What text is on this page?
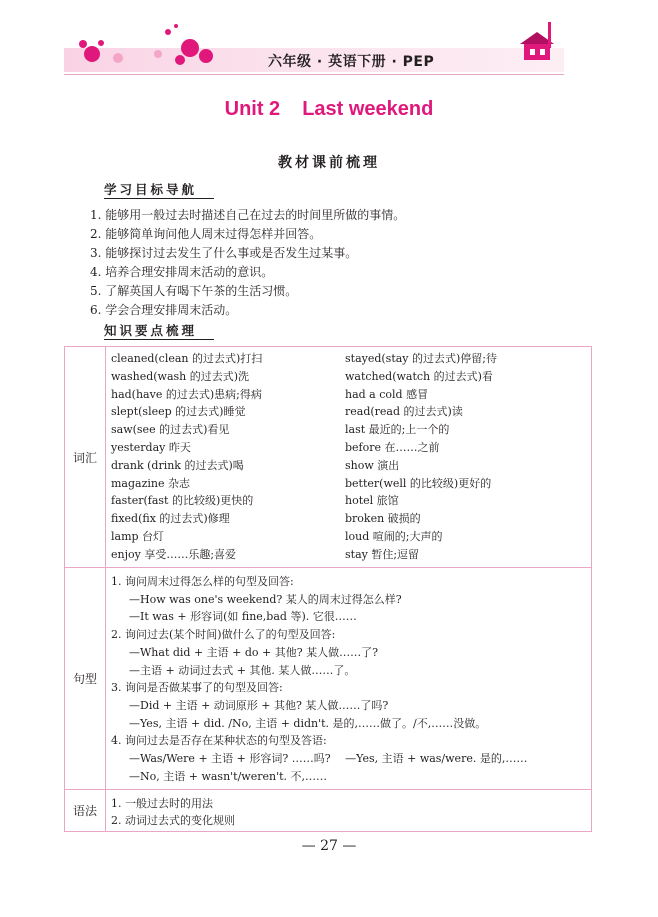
六年级 · 英语下册 · PEP
Unit 2 Last weekend
教材课前梳理
学习目标导航
1. 能够用一般过去时描述自己在过去的时间里所做的事情。
2. 能够简单询问他人周末过得怎样并回答。
3. 能够探讨过去发生了什么事或是否发生过某事。
4. 培养合理安排周末活动的意识。
5. 了解英国人有喝下午茶的生活习惯。
6. 学会合理安排周末活动。
知识要点梳理
词汇
cleaned(clean 的过去式)打扫
washed(wash 的过去式)洗
had(have 的过去式)患病;得病
slept(sleep 的过去式)睡觉
saw(see 的过去式)看见
yesterday 昨天
drank (drink 的过去式)喝
magazine 杂志
faster(fast 的比较级)更快的
fixed(fix 的过去式)修理
lamp 台灯
enjoy 享受……乐趣;喜爱
stayed(stay 的过去式)停留;待
watched(watch 的过去式)看
had a cold 感冒
read(read 的过去式)读
last 最近的;上一个的
before 在……之前
show 演出
better(well 的比较级)更好的
hotel 旅馆
broken 破损的
loud 喧闹的;大声的
stay 暂住;逗留
句型
1. 询问周末过得怎么样的句型及回答:
—How was one's weekend? 某人的周末过得怎么样?
—It was + 形容词(如 fine,bad 等). 它很……
2. 询问过去(某个时间)做什么了的句型及回答:
—What did + 主语 + do + 其他? 某人做……了?
—主语 + 动词过去式 + 其他. 某人做……了。
3. 询问是否做某事了的句型及回答:
—Did + 主语 + 动词原形 + 其他? 某人做……了吗?
—Yes, 主语 + did. /No, 主语 + didn't. 是的,……做了。/不,……没做。
4. 询问过去是否存在某种状态的句型及答语:
—Was/Were + 主语 + 形容词? ……吗?　 —Yes, 主语 + was/were. 是的,……
—No, 主语 + wasn't/weren't. 不,……
语法
1. 一般过去时的用法
2. 动词过去式的变化规则
— 27 —
